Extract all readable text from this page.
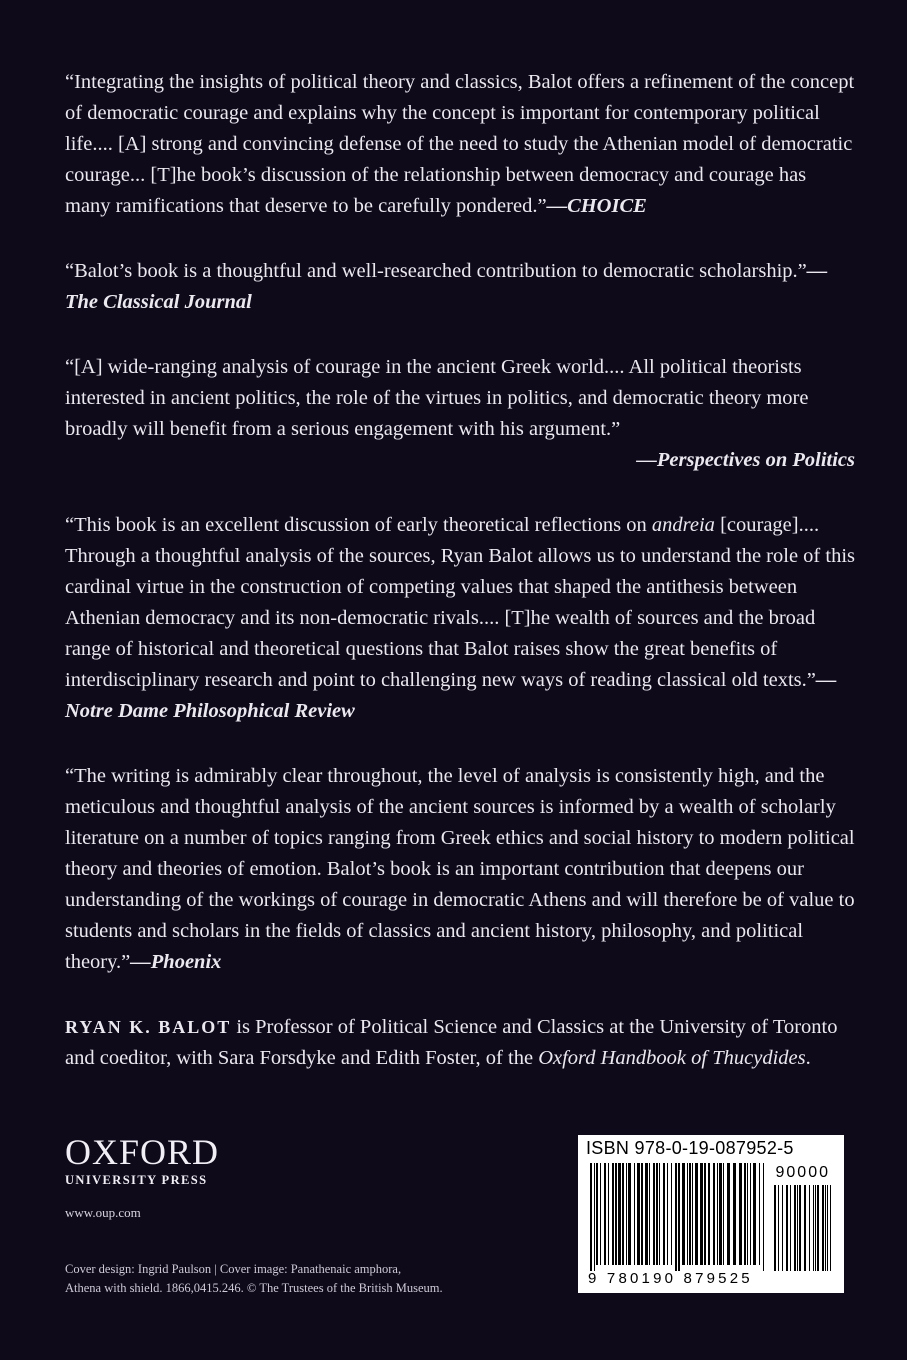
“Integrating the insights of political theory and classics, Balot offers a refinement of the concept of democratic courage and explains why the concept is important for contemporary political life.... [A] strong and convincing defense of the need to study the Athenian model of democratic courage... [T]he book’s discussion of the relationship between democracy and courage has many ramifications that deserve to be carefully pondered.”—CHOICE

“Balot’s book is a thoughtful and well-researched contribution to democratic scholarship.”—The Classical Journal

“[A] wide-ranging analysis of courage in the ancient Greek world.... All political theorists interested in ancient politics, the role of the virtues in politics, and democratic theory more broadly will benefit from a serious engagement with his argument.”
—Perspectives on Politics

“This book is an excellent discussion of early theoretical reflections on andreia [courage].... Through a thoughtful analysis of the sources, Ryan Balot allows us to understand the role of this cardinal virtue in the construction of competing values that shaped the antithesis between Athenian democracy and its non-democratic rivals.... [T]he wealth of sources and the broad range of historical and theoretical questions that Balot raises show the great benefits of interdisciplinary research and point to challenging new ways of reading classical old texts.”—Notre Dame Philosophical Review

“The writing is admirably clear throughout, the level of analysis is consistently high, and the meticulous and thoughtful analysis of the ancient sources is informed by a wealth of scholarly literature on a number of topics ranging from Greek ethics and social history to modern political theory and theories of emotion. Balot’s book is an important contribution that deepens our understanding of the workings of courage in democratic Athens and will therefore be of value to students and scholars in the fields of classics and ancient history, philosophy, and political theory.”—Phoenix

RYAN K. BALOT is Professor of Political Science and Classics at the University of Toronto and coeditor, with Sara Forsdyke and Edith Foster, of the Oxford Handbook of Thucydides.

OXFORD
UNIVERSITY PRESS
www.oup.com
Cover design: Ingrid Paulson | Cover image: Panathenaic amphora,
Athena with shield. 1866,0415.246. © The Trustees of the British Museum.
ISBN 978-0-19-087952-5
90000
9 780190 879525
